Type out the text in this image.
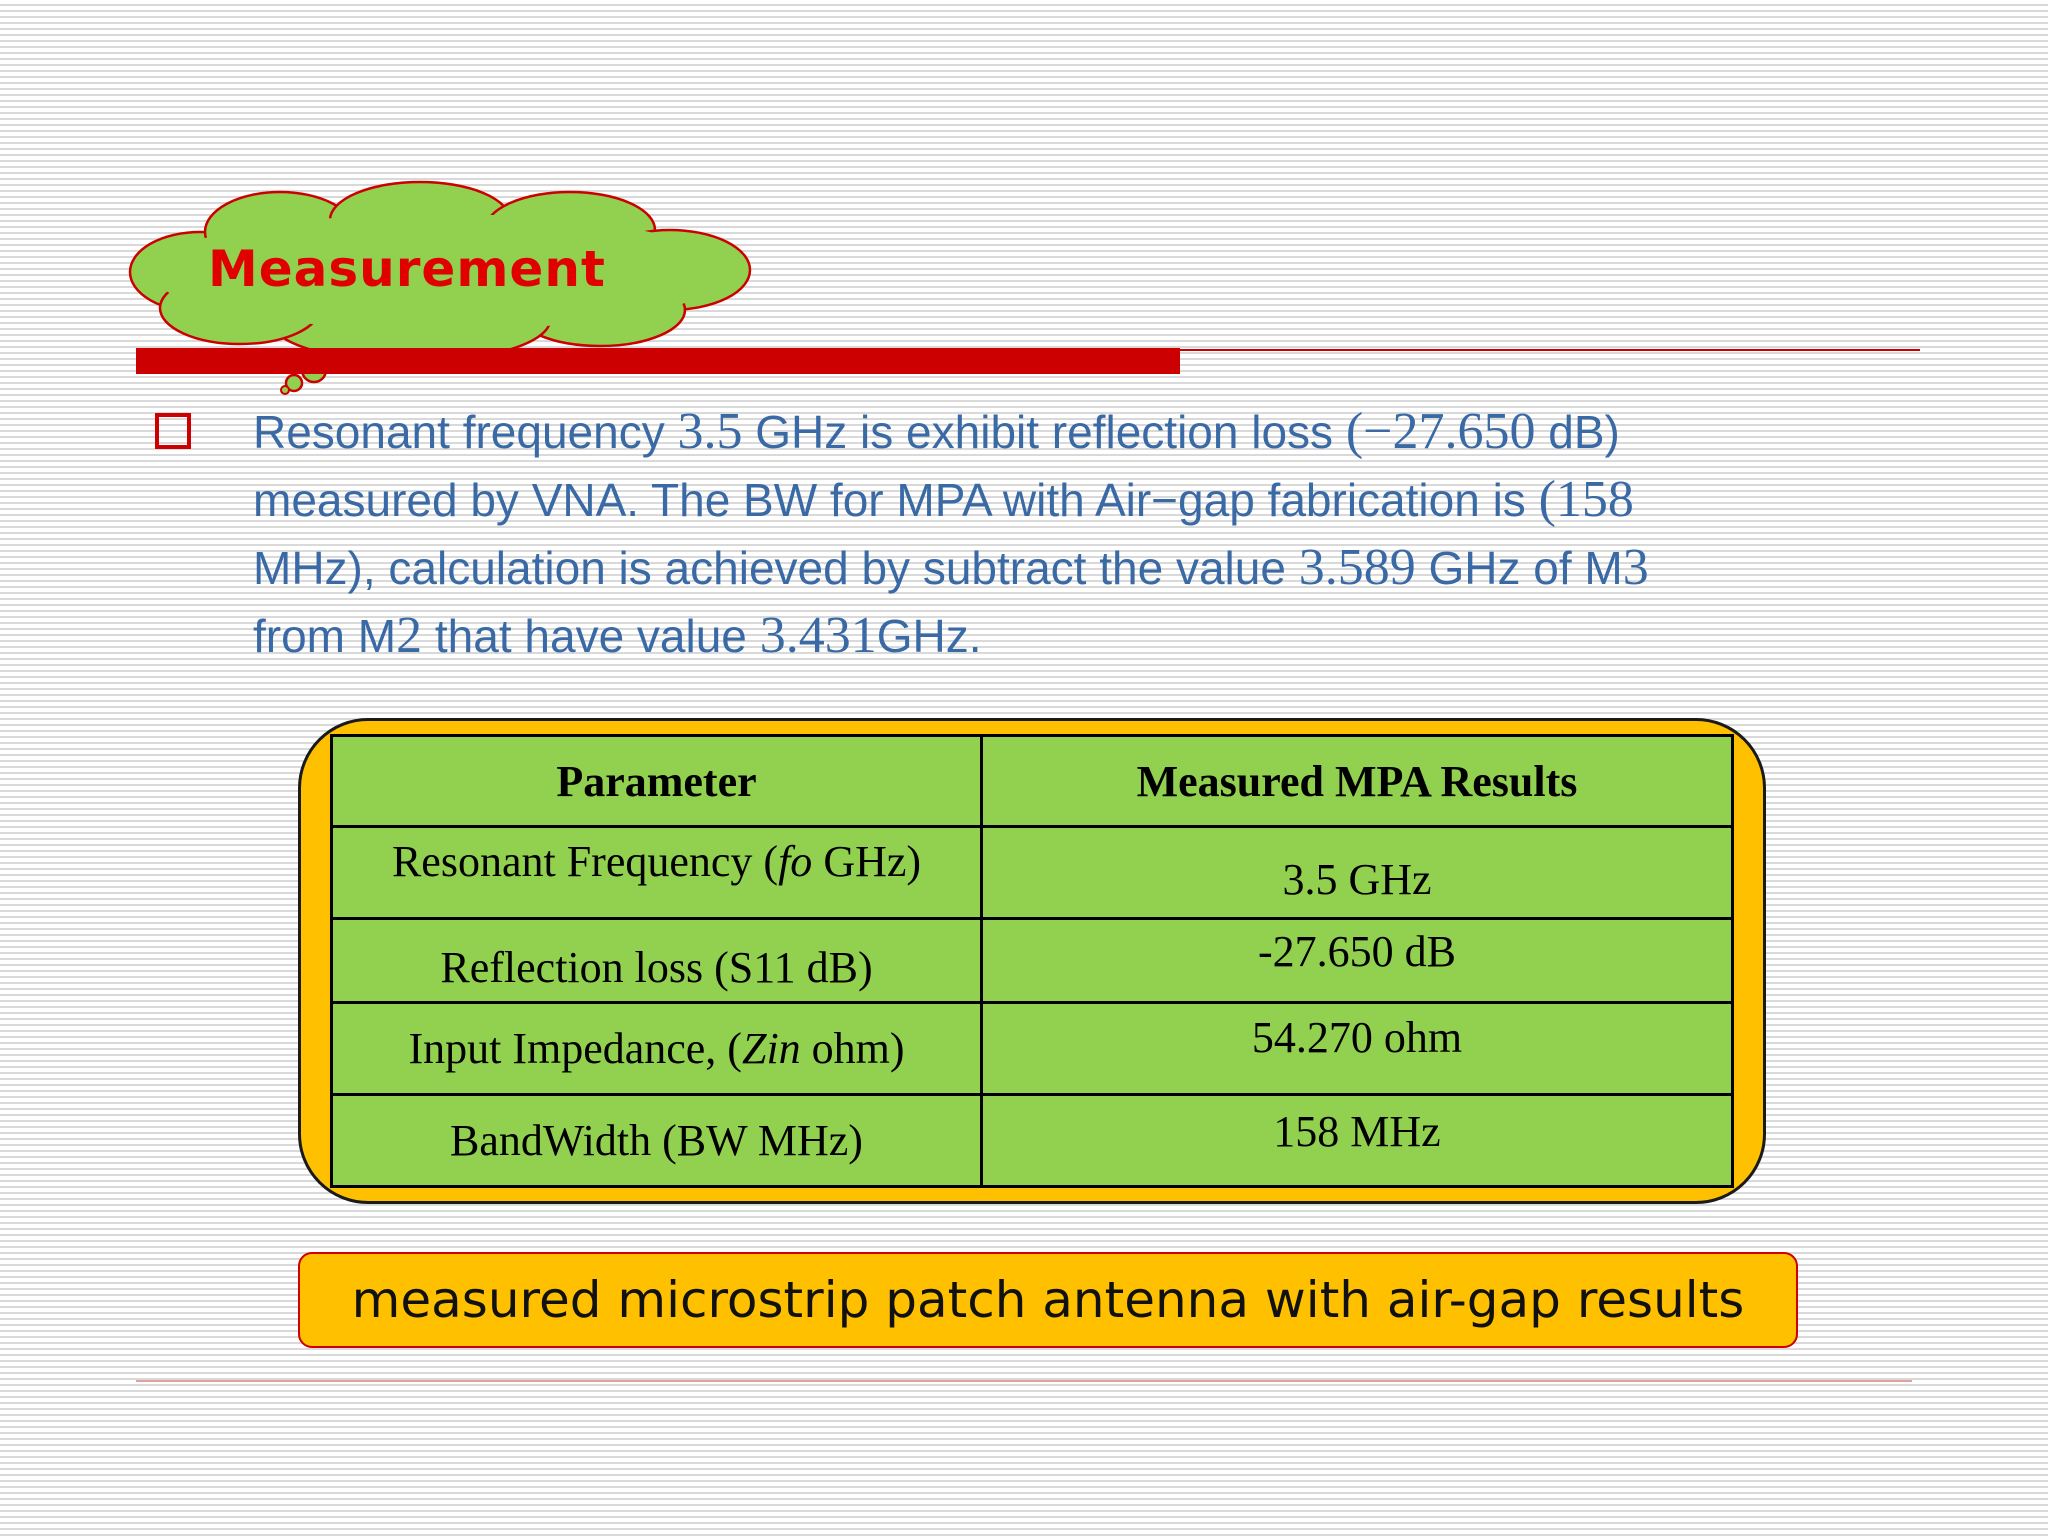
Measurement

Resonant frequency 3.5 GHz is exhibit reflection loss (−27.650 dB)
measured by VNA. The BW for MPA with Air−gap fabrication is (158
MHz), calculation is achieved by subtract the value 3.589 GHz of M3
from M2 that have value 3.431GHz.

Parameter	Measured MPA Results
Resonant Frequency (fo GHz)	3.5 GHz
Reflection loss (S11 dB)	-27.650 dB
Input Impedance, (Zin ohm)	54.270 ohm
BandWidth (BW MHz)	158 MHz
measured microstrip patch antenna with air-gap results
